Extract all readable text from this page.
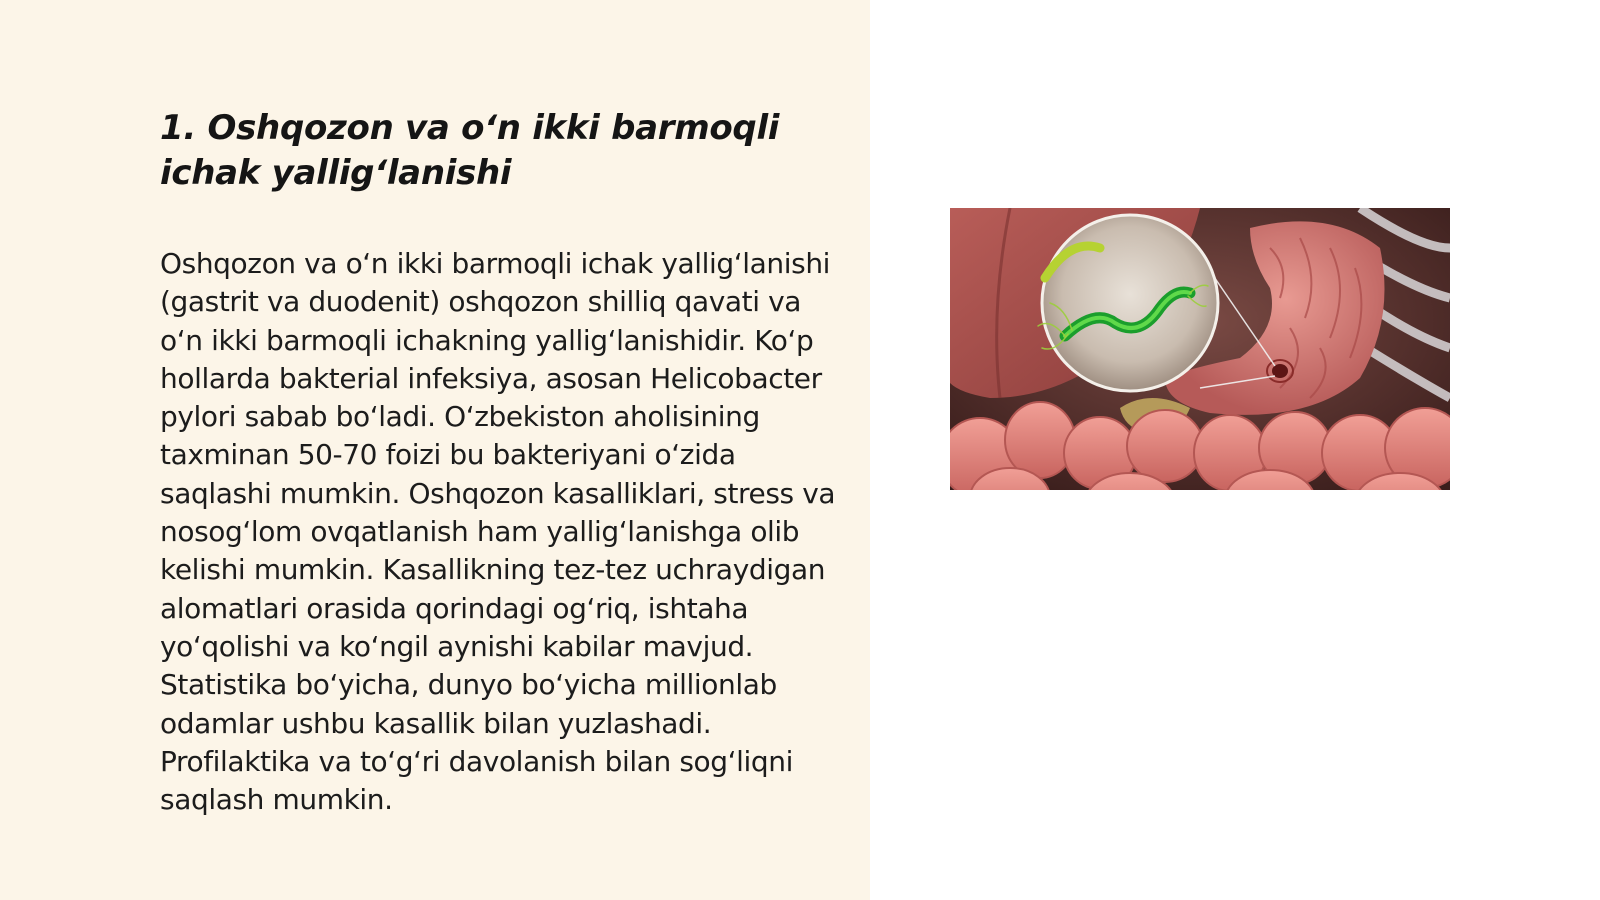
1. Oshqozon va o‘n ikki barmoqli ichak yallig‘lanishi

Oshqozon va o‘n ikki barmoqli ichak yallig‘lanishi (gastrit va duodenit) oshqozon shilliq qavati va o‘n ikki barmoqli ichakning yallig‘lanishidir. Ko‘p hollarda bakterial infeksiya, asosan Helicobacter pylori sabab bo‘ladi. O‘zbekiston aholisining taxminan 50-70 foizi bu bakteriyani o‘zida saqlashi mumkin. Oshqozon kasalliklari, stress va nosog‘lom ovqatlanish ham yallig‘lanishga olib kelishi mumkin. Kasallikning tez-tez uchraydigan alomatlari orasida qorindagi og‘riq, ishtaha yo‘qolishi va ko‘ngil aynishi kabilar mavjud. Statistika bo‘yicha, dunyo bo‘yicha millionlab odamlar ushbu kasallik bilan yuzlashadi. Profilaktika va to‘g‘ri davolanish bilan sog‘liqni saqlash mumkin.
